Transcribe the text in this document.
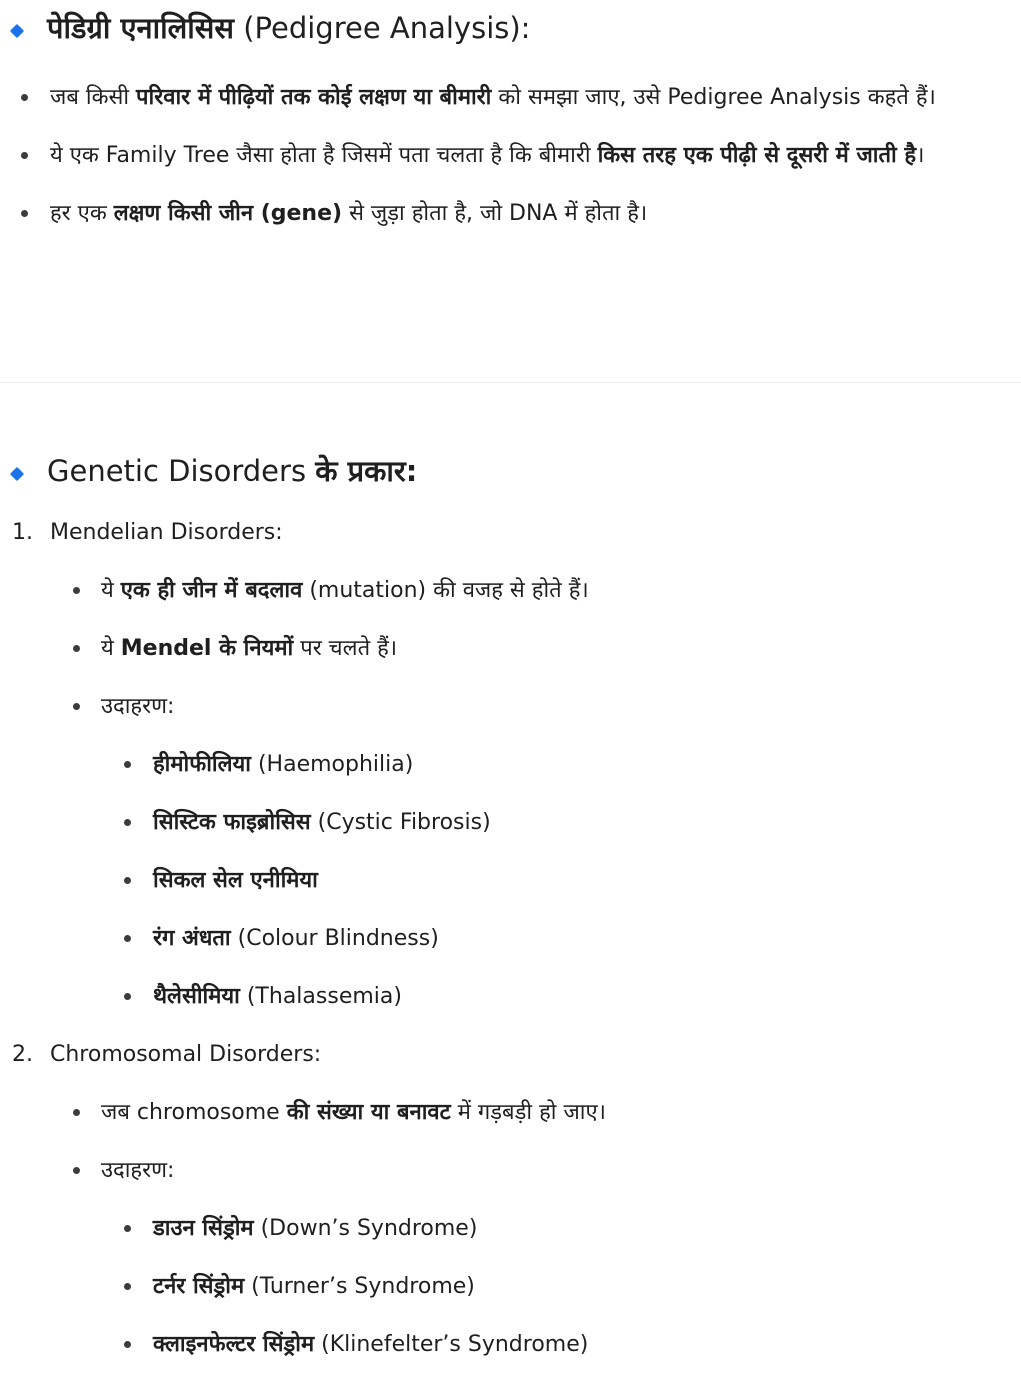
पेडिग्री एनालिसिस (Pedigree Analysis):
जब किसी परिवार में पीढ़ियों तक कोई लक्षण या बीमारी को समझा जाए, उसे Pedigree Analysis कहते हैं।
ये एक Family Tree जैसा होता है जिसमें पता चलता है कि बीमारी किस तरह एक पीढ़ी से दूसरी में जाती है।
हर एक लक्षण किसी जीन (gene) से जुड़ा होता है, जो DNA में होता है।
Genetic Disorders के प्रकार:
1. Mendelian Disorders:
ये एक ही जीन में बदलाव (mutation) की वजह से होते हैं।
ये Mendel के नियमों पर चलते हैं।
उदाहरण:
हीमोफीलिया (Haemophilia)
सिस्टिक फाइब्रोसिस (Cystic Fibrosis)
सिकल सेल एनीमिया
रंग अंधता (Colour Blindness)
थैलेसीमिया (Thalassemia)
2. Chromosomal Disorders:
जब chromosome की संख्या या बनावट में गड़बड़ी हो जाए।
उदाहरण:
डाउन सिंड्रोम (Down’s Syndrome)
टर्नर सिंड्रोम (Turner’s Syndrome)
क्लाइनफेल्टर सिंड्रोम (Klinefelter’s Syndrome)
